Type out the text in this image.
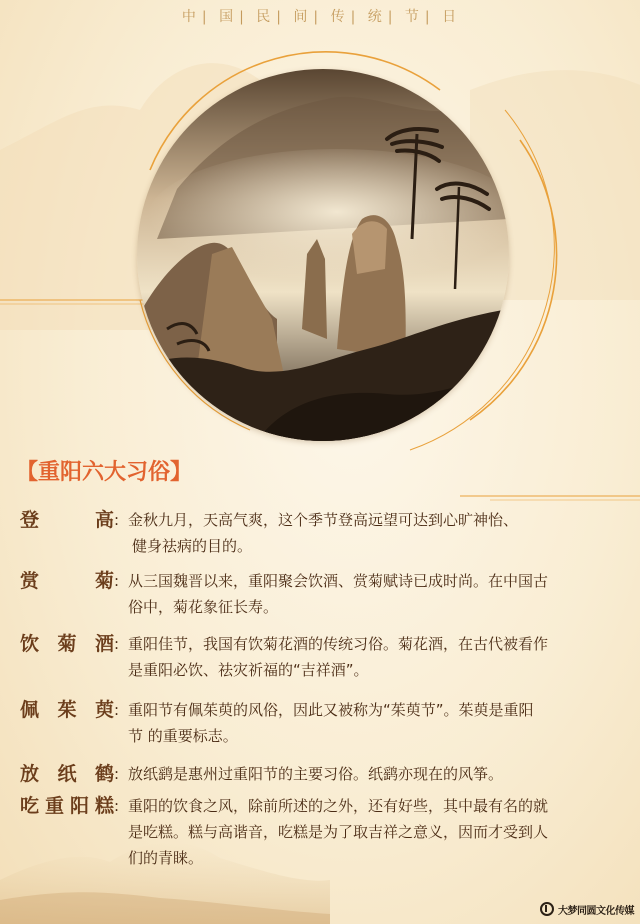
中 | 国 | 民 | 间 | 传 | 统 | 节 | 日
【重阳六大习俗】
登	高 : 金秋九月，天高气爽，这个季节登高远望可达到心旷神怡、
健身祛病的目的。
赏	菊 : 从三国魏晋以来，重阳聚会饮酒、赏菊赋诗已成时尚。在中国古
俗中，菊花象征长寿。
饮 菊 酒 : 重阳佳节，我国有饮菊花酒的传统习俗。菊花酒，在古代被看作
是重阳必饮、祛灾祈福的“吉祥酒”。
佩 茱 萸 : 重阳节有佩茱萸的风俗，因此又被称为“茱萸节”。茱萸是重阳
节 的重要标志。
放 纸 鹤 : 放纸鹞是惠州过重阳节的主要习俗。纸鹞亦现在的风筝。
吃 重 阳 糕 : 重阳的饮食之风，除前所述的之外，还有好些，其中最有名的就
是吃糕。糕与高谐音，吃糕是为了取吉祥之意义，因而才受到人
们的青睐。
大梦同圆文化传媒
